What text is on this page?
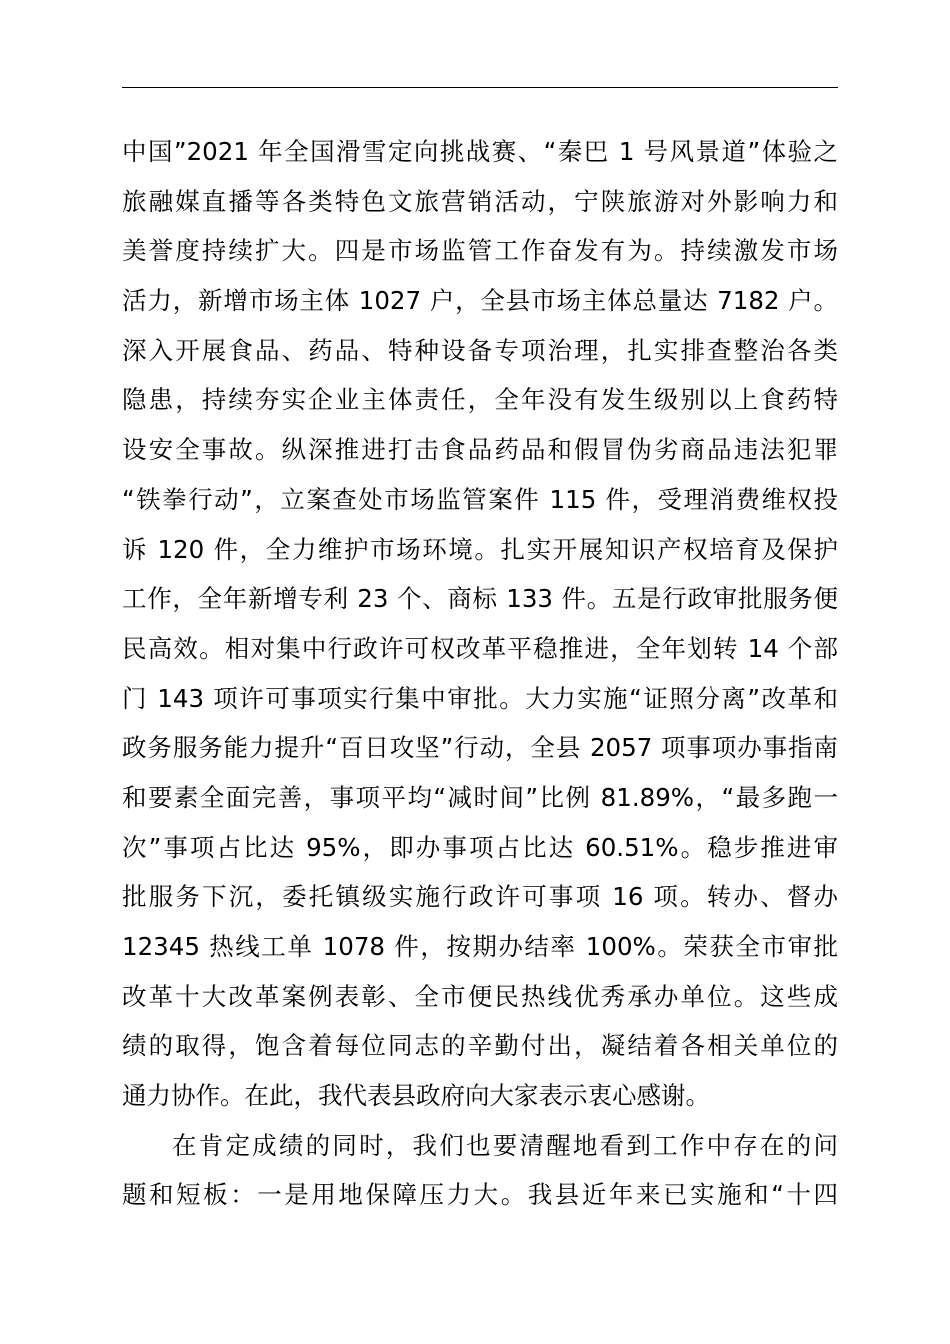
中国”2021 年全国滑雪定向挑战赛、“秦巴 1 号风景道”体验之
旅融媒直播等各类特色文旅营销活动，宁陕旅游对外影响力和
美誉度持续扩大。四是市场监管工作奋发有为。持续激发市场
活力，新增市场主体 1027 户，全县市场主体总量达 7182 户。
深入开展食品、药品、特种设备专项治理，扎实排查整治各类
隐患，持续夯实企业主体责任，全年没有发生级别以上食药特
设安全事故。纵深推进打击食品药品和假冒伪劣商品违法犯罪
“铁拳行动”，立案查处市场监管案件 115 件，受理消费维权投
诉 120 件，全力维护市场环境。扎实开展知识产权培育及保护
工作，全年新增专利 23 个、商标 133 件。五是行政审批服务便
民高效。相对集中行政许可权改革平稳推进，全年划转 14 个部
门 143 项许可事项实行集中审批。大力实施“证照分离”改革和
政务服务能力提升“百日攻坚”行动，全县 2057 项事项办事指南
和要素全面完善，事项平均“减时间”比例 81.89%，“最多跑一
次”事项占比达 95%，即办事项占比达 60.51%。稳步推进审
批服务下沉，委托镇级实施行政许可事项 16 项。转办、督办
12345 热线工单 1078 件，按期办结率 100%。荣获全市审批
改革十大改革案例表彰、全市便民热线优秀承办单位。这些成
绩的取得，饱含着每位同志的辛勤付出，凝结着各相关单位的
通力协作。在此，我代表县政府向大家表示衷心感谢。
在肯定成绩的同时，我们也要清醒地看到工作中存在的问
题和短板：一是用地保障压力大。我县近年来已实施和“十四
